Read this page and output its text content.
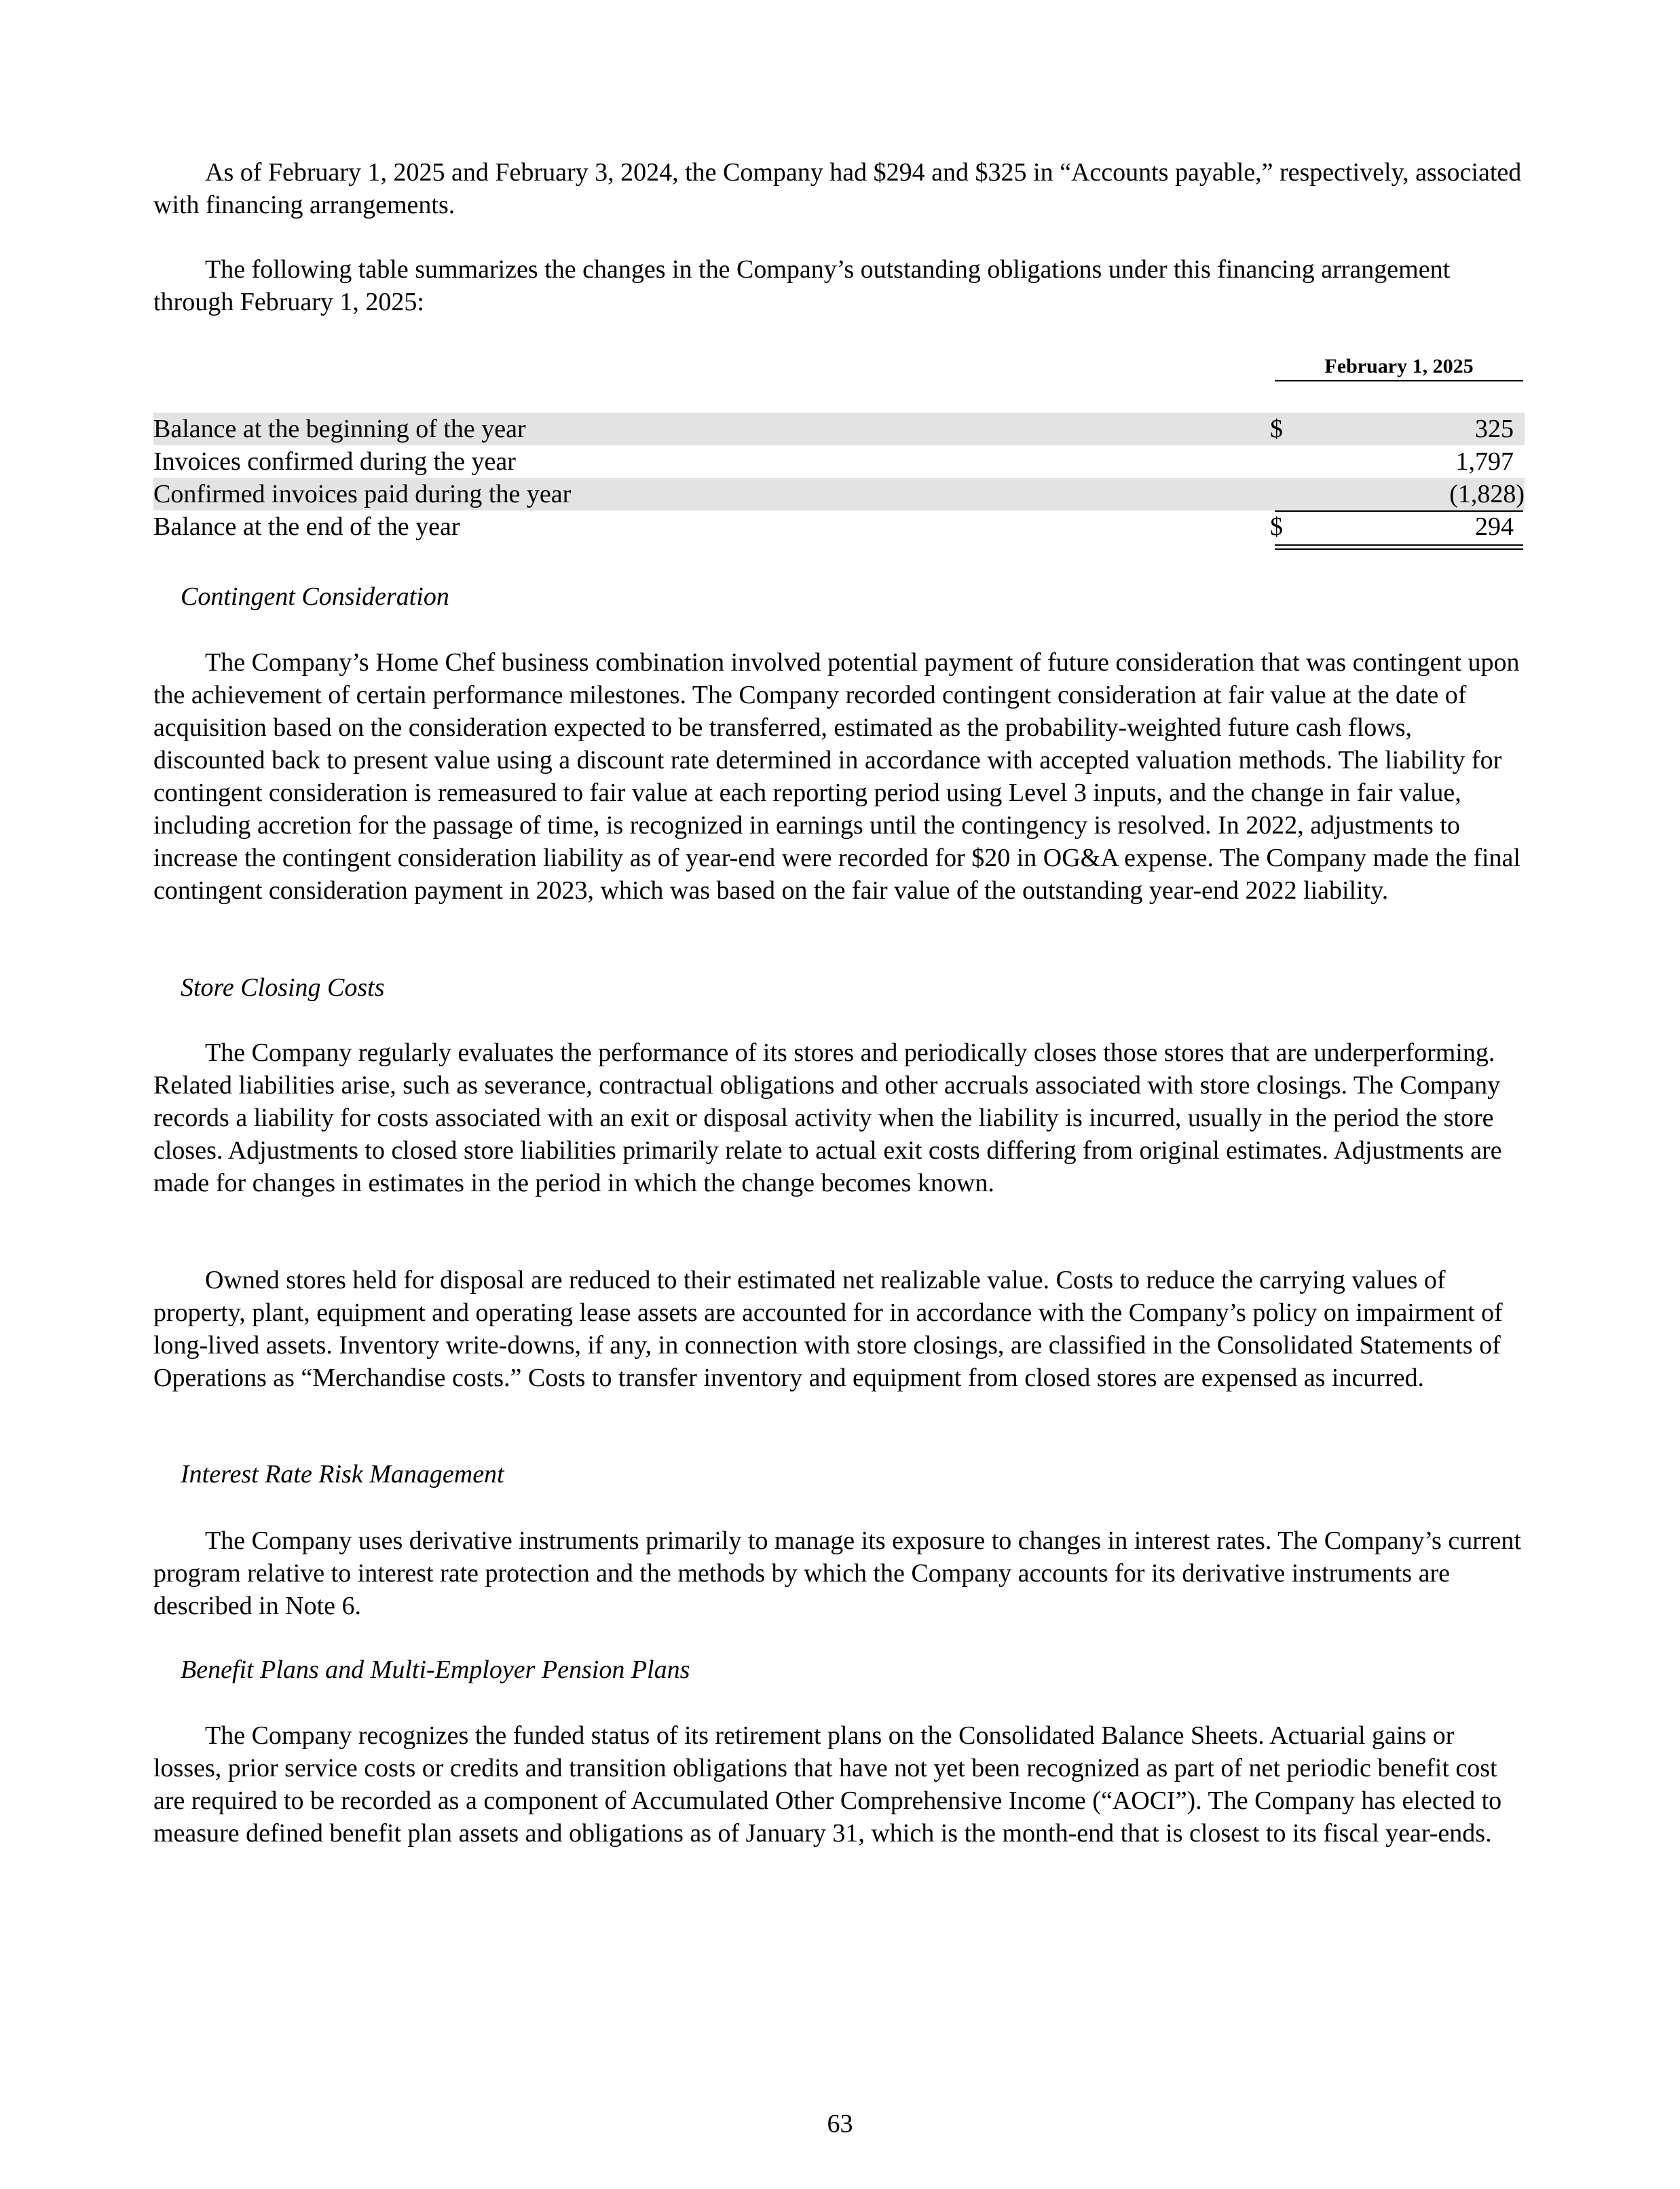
As of February 1, 2025 and February 3, 2024, the Company had $294 and $325 in “Accounts payable,” respectively, associated with financing arrangements.

The following table summarizes the changes in the Company’s outstanding obligations under this financing arrangement through February 1, 2025:

February 1, 2025
Balance at the beginning of the year	$	325
Invoices confirmed during the year	1,797
Confirmed invoices paid during the year	(1,828)
Balance at the end of the year	$	294
Contingent Consideration

The Company’s Home Chef business combination involved potential payment of future consideration that was contingent upon the achievement of certain performance milestones. The Company recorded contingent consideration at fair value at the date of acquisition based on the consideration expected to be transferred, estimated as the probability-weighted future cash flows, discounted back to present value using a discount rate determined in accordance with accepted valuation methods. The liability for contingent consideration is remeasured to fair value at each reporting period using Level 3 inputs, and the change in fair value, including accretion for the passage of time, is recognized in earnings until the contingency is resolved. In 2022, adjustments to increase the contingent consideration liability as of year-end were recorded for $20 in OG&A expense. The Company made the final contingent consideration payment in 2023, which was based on the fair value of the outstanding year-end 2022 liability.

Store Closing Costs

The Company regularly evaluates the performance of its stores and periodically closes those stores that are underperforming. Related liabilities arise, such as severance, contractual obligations and other accruals associated with store closings. The Company records a liability for costs associated with an exit or disposal activity when the liability is incurred, usually in the period the store closes. Adjustments to closed store liabilities primarily relate to actual exit costs differing from original estimates. Adjustments are made for changes in estimates in the period in which the change becomes known.

Owned stores held for disposal are reduced to their estimated net realizable value. Costs to reduce the carrying values of property, plant, equipment and operating lease assets are accounted for in accordance with the Company’s policy on impairment of long-lived assets. Inventory write-downs, if any, in connection with store closings, are classified in the Consolidated Statements of Operations as “Merchandise costs.” Costs to transfer inventory and equipment from closed stores are expensed as incurred.

Interest Rate Risk Management

The Company uses derivative instruments primarily to manage its exposure to changes in interest rates. The Company’s current program relative to interest rate protection and the methods by which the Company accounts for its derivative instruments are described in Note 6.

Benefit Plans and Multi-Employer Pension Plans

The Company recognizes the funded status of its retirement plans on the Consolidated Balance Sheets. Actuarial gains or losses, prior service costs or credits and transition obligations that have not yet been recognized as part of net periodic benefit cost are required to be recorded as a component of Accumulated Other Comprehensive Income (“AOCI”). The Company has elected to measure defined benefit plan assets and obligations as of January 31, which is the month-end that is closest to its fiscal year-ends.

63
